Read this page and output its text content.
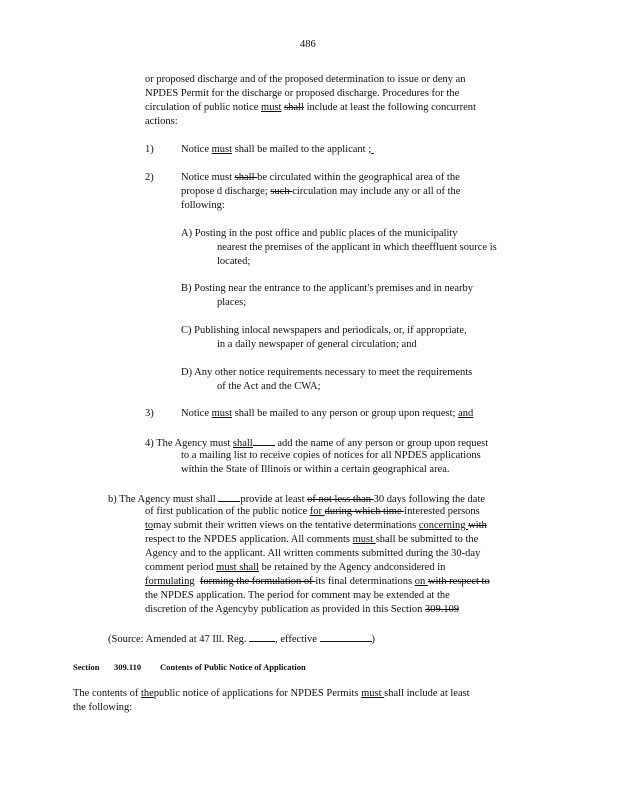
486
or proposed discharge and of the proposed determination to issue or deny an
NPDES Permit for the discharge or proposed discharge. Procedures for the
circulation of public notice must shall include at least the following concurrent
actions:
1)	Notice must shall be mailed to the applicant ;
2)	Notice must shall be circulated within the geographical area of the
propose d discharge; such circulation may include any or all of the
following:
A) Posting in the post office and public places of the municipality
nearest the premises of the applicant in which theeffluent source is
located;
B) Posting near the entrance to the applicant's premises and in nearby
places;
C) Publishing inlocal newspapers and periodicals, or, if appropriate,
in a daily newspaper of general circulation; and
D) Any other notice requirements necessary to meet the requirements
of the Act and the CWA;
3)	Notice must shall be mailed to any person or group upon request; and
4) The Agency must shall add the name of any person or group upon request
to a mailing list to receive copies of notices for all NPDES applications
within the State of Illinois or within a certain geographical area.
b) The Agency must shall provide at least of not less than 30 days following the date
of first publication of the public notice for during which time interested persons
tomay submit their written views on the tentative determinations concerning with
respect to the NPDES application. All comments must shall be submitted to the
Agency and to the applicant. All written comments submitted during the 30-day
comment period must shall be retained by the Agency andconsidered in
formulating forming the formulation of its final determinations on with respect to
the NPDES application. The period for comment may be extended at the
discretion of the Agencyby publication as provided in this Section 309.109
(Source: Amended at 47 Ill. Reg. , effective	)
Section 309.110 Contents of Public Notice of Application
The contents of thepublic notice of applications for NPDES Permits must shall include at least
the following:
